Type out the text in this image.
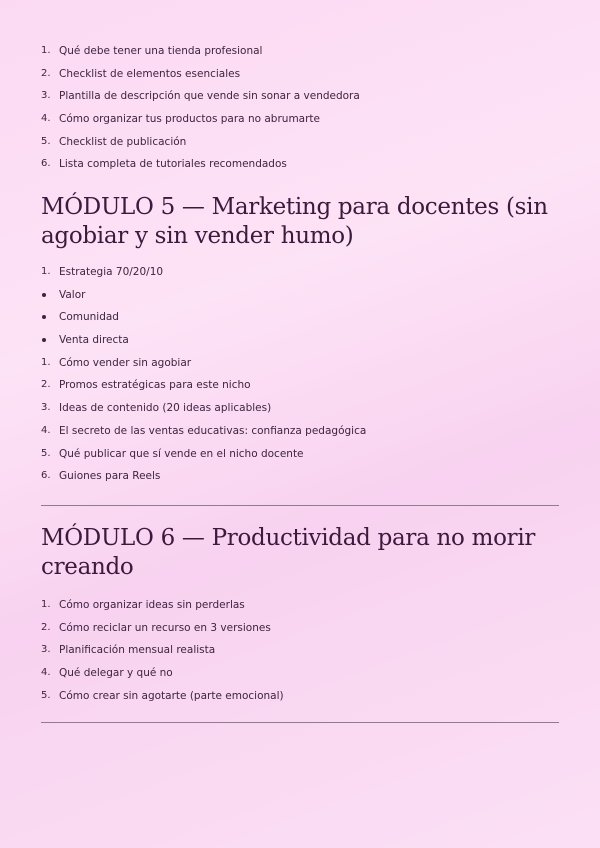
1. Qué debe tener una tienda profesional
2. Checklist de elementos esenciales
3. Plantilla de descripción que vende sin sonar a vendedora
4. Cómo organizar tus productos para no abrumarte
5. Checklist de publicación
6. Lista completa de tutoriales recomendados
MÓDULO 5 — Marketing para docentes (sin
agobiar y sin vender humo)
1. Estrategia 70/20/10
Valor
Comunidad
Venta directa
1. Cómo vender sin agobiar
2. Promos estratégicas para este nicho
3. Ideas de contenido (20 ideas aplicables)
4. El secreto de las ventas educativas: confianza pedagógica
5. Qué publicar que sí vende en el nicho docente
6. Guiones para Reels
MÓDULO 6 — Productividad para no morir
creando
1. Cómo organizar ideas sin perderlas
2. Cómo reciclar un recurso en 3 versiones
3. Planificación mensual realista
4. Qué delegar y qué no
5. Cómo crear sin agotarte (parte emocional)
